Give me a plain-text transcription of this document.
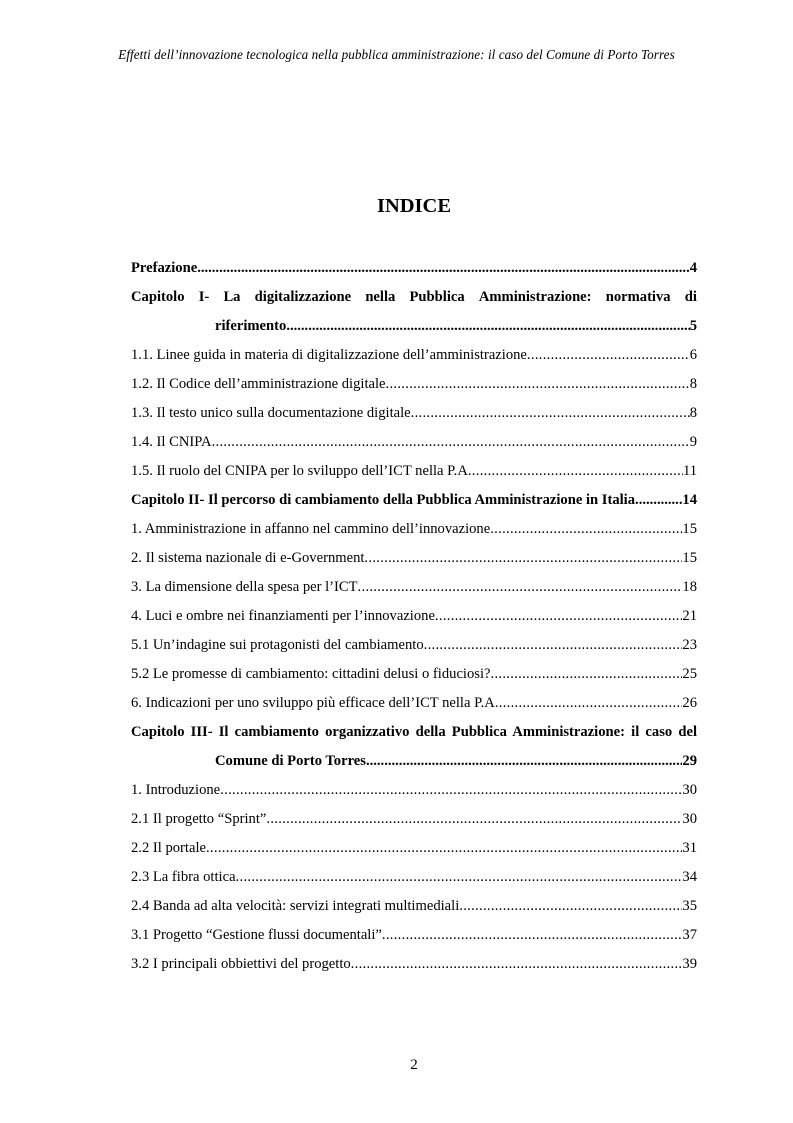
Effetti dell’innovazione tecnologica nella pubblica amministrazione: il caso del Comune di Porto Torres
INDICE
Prefazione .....	4
Capitolo I- La digitalizzazione nella Pubblica Amministrazione: normativa di
riferimento .....	5
1.1. Linee guida in materia di digitalizzazione dell’amministrazione .....	6
1.2. Il Codice dell’amministrazione digitale .....	8
1.3. Il testo unico sulla documentazione digitale .....	8
1.4. Il CNIPA .....	9
1.5. Il ruolo del CNIPA per lo sviluppo dell’ICT nella P.A .....	11
Capitolo II- Il percorso di cambiamento della Pubblica Amministrazione in Italia .....	14
1. Amministrazione in affanno nel cammino dell’innovazione .....	15
2. Il sistema nazionale di e-Government .....	15
3. La dimensione della spesa per l’ICT .....	18
4. Luci e ombre nei finanziamenti per l’innovazione .....	21
5.1 Un’indagine sui protagonisti del cambiamento .....	23
5.2 Le promesse di cambiamento: cittadini delusi o fiduciosi? .....	25
6. Indicazioni per uno sviluppo più efficace dell’ICT nella P.A .....	26
Capitolo III- Il cambiamento organizzativo della Pubblica Amministrazione: il caso del
Comune di Porto Torres .....	29
1. Introduzione .....	30
2.1 Il progetto “Sprint” .....	30
2.2 Il portale .....	31
2.3 La fibra ottica .....	34
2.4 Banda ad alta velocità: servizi integrati multimediali .....	35
3.1 Progetto “Gestione flussi documentali” .....	37
3.2 I principali obbiettivi del progetto .....	39
2
